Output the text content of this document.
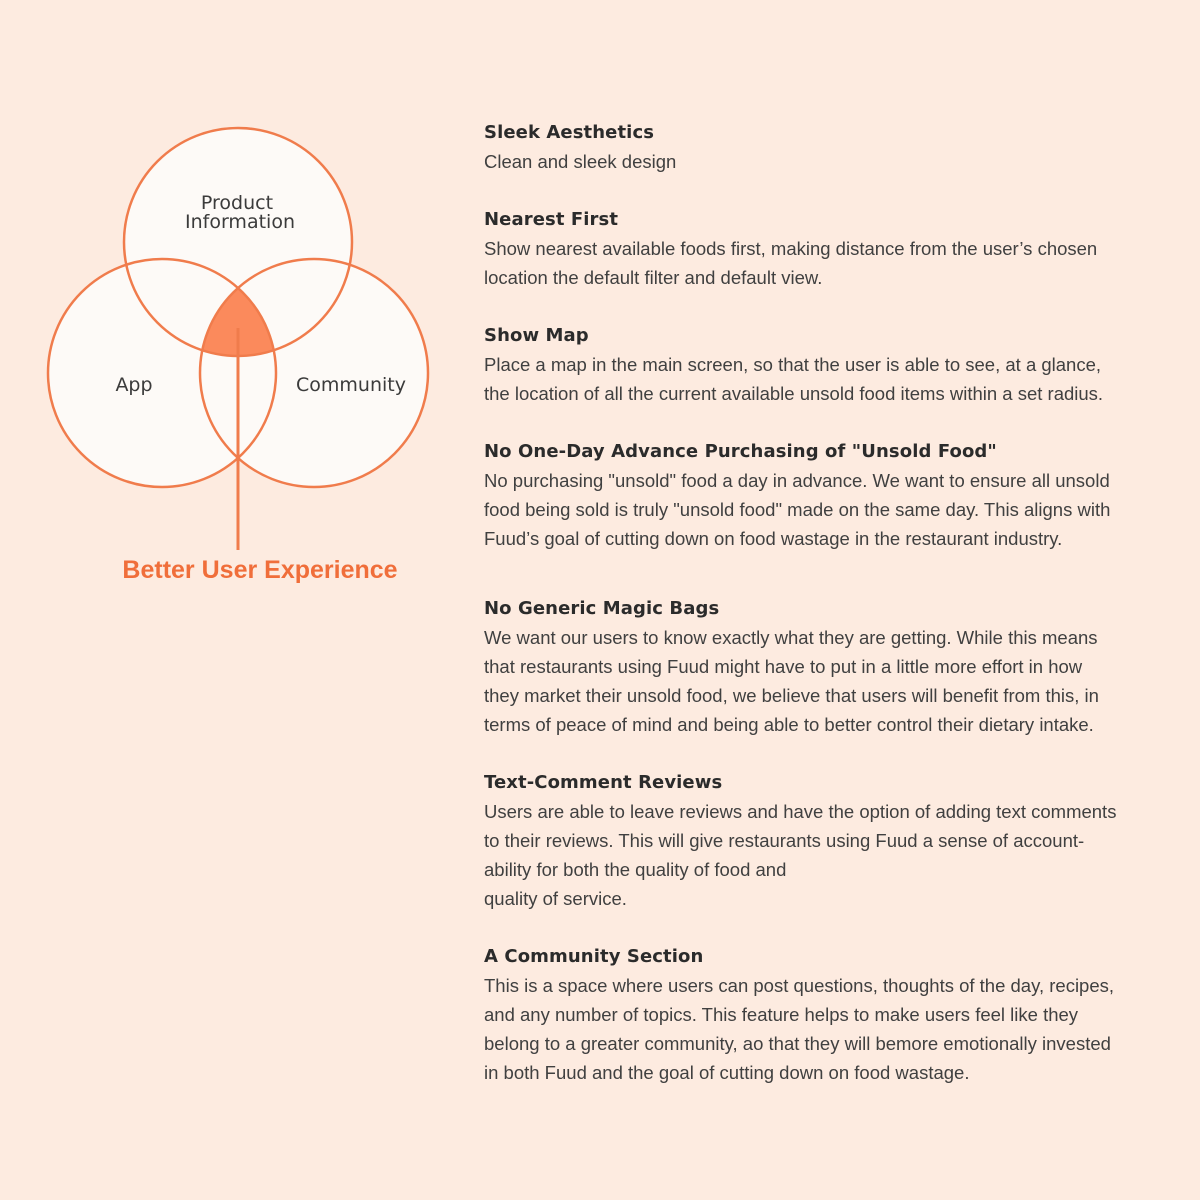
Product Information
App	Community
Better User Experience
Sleek Aesthetics
Clean and sleek design
Nearest First
Show nearest available foods first, making distance from the user’s chosen
location the default filter and default view.
Show Map
Place a map in the main screen, so that the user is able to see, at a glance,
the location of all the current available unsold food items within a set radius.
No One-Day Advance Purchasing of "Unsold Food"
No purchasing "unsold" food a day in advance. We want to ensure all unsold
food being sold is truly "unsold food" made on the same day. This aligns with
Fuud’s goal of cutting down on food wastage in the restaurant industry.
No Generic Magic Bags
We want our users to know exactly what they are getting. While this means
that restaurants using Fuud might have to put in a little more effort in how
they market their unsold food, we believe that users will benefit from this, in
terms of peace of mind and being able to better control their dietary intake.
Text-Comment Reviews
Users are able to leave reviews and have the option of adding text comments
to their reviews. This will give restaurants using Fuud a sense of account-
ability for both the quality of food and
quality of service.
A Community Section
This is a space where users can post questions, thoughts of the day, recipes,
and any number of topics. This feature helps to make users feel like they
belong to a greater community, ao that they will bemore emotionally invested
in both Fuud and the goal of cutting down on food wastage.
